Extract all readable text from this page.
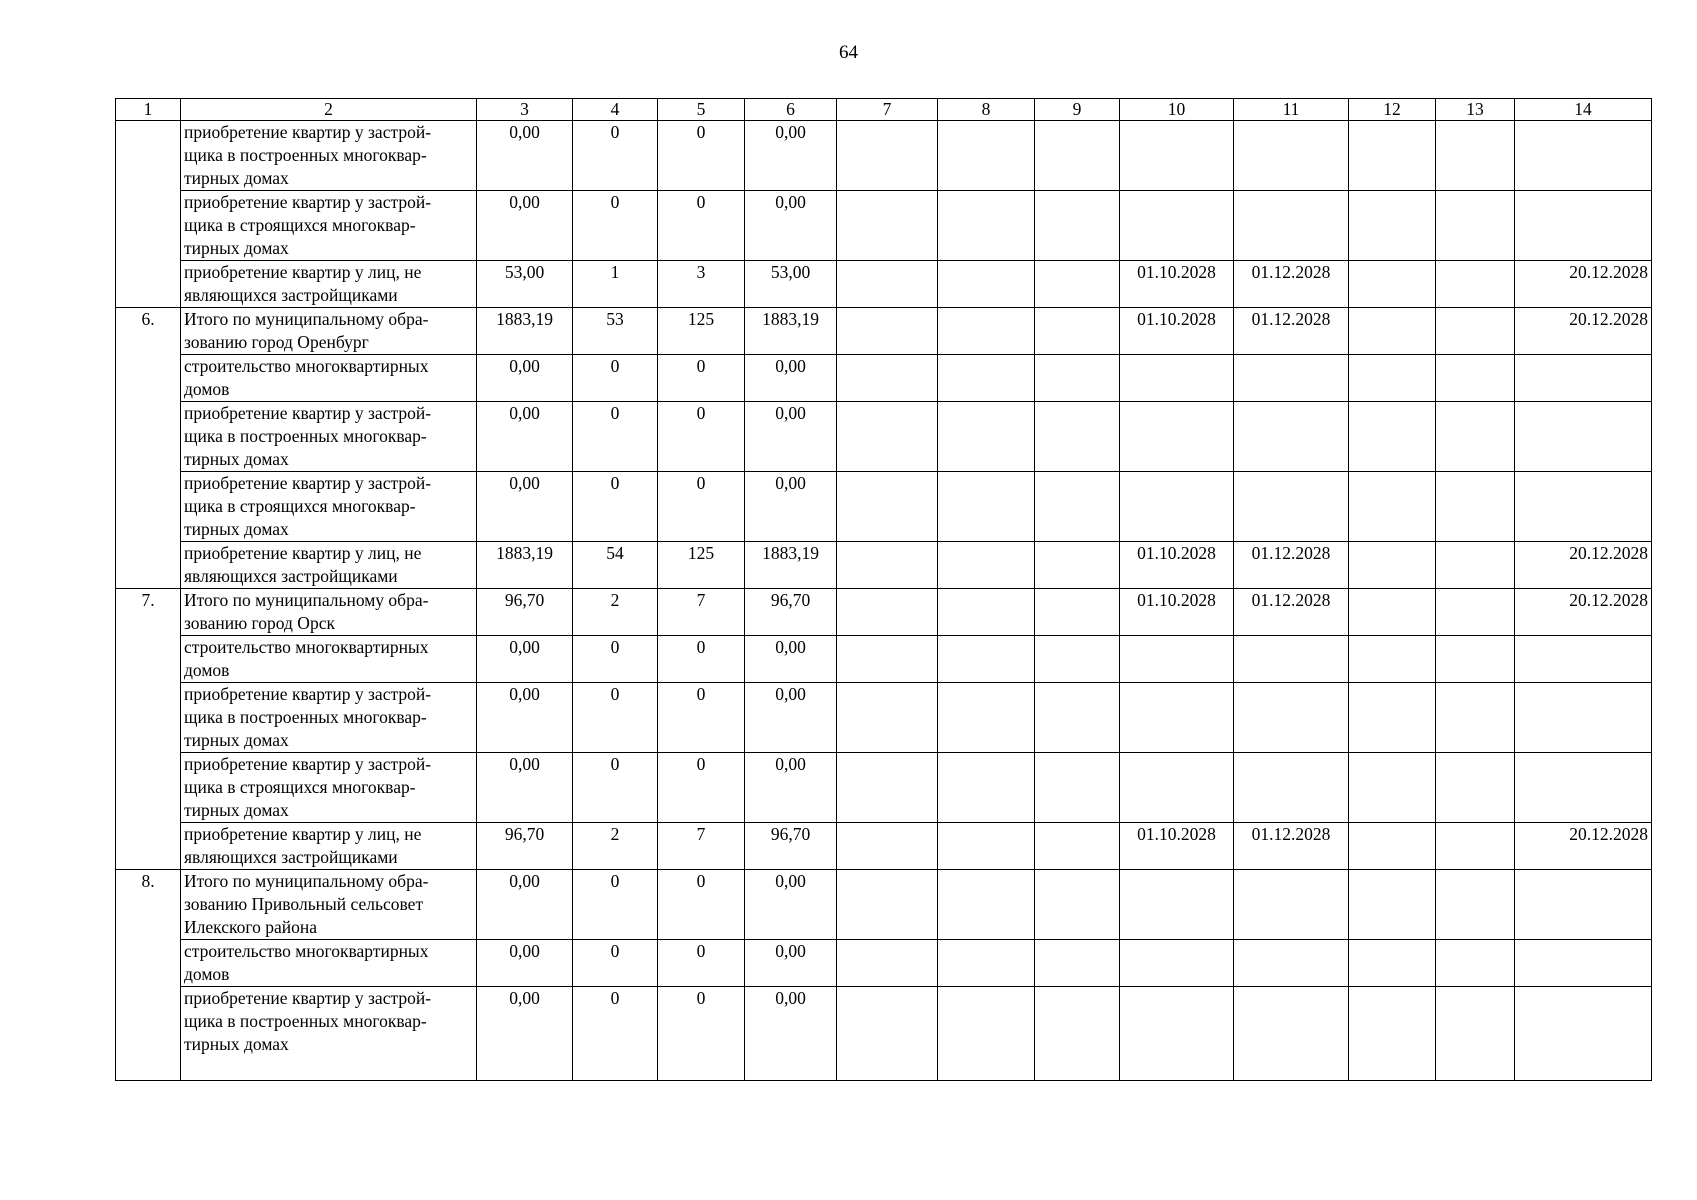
64
1	2	3	4	5	6	7	8	9	10	11	12	13	14

	приобретение квартир у застрой-
щика в построенных многоквар-
тирных домах	0,00	0	0	0,00								

	приобретение квартир у застрой-
щика в строящихся многоквар-
тирных домах	0,00	0	0	0,00								

	приобретение квартир у лиц, не
являющихся застройщиками	53,00	1	3	53,00				01.10.2028	01.12.2028			20.12.2028
6.	Итого по муниципальному обра-
зованию город Оренбург	1883,19	53	125	1883,19				01.10.2028	01.12.2028			20.12.2028

	строительство многоквартирных
домов	0,00	0	0	0,00								

	приобретение квартир у застрой-
щика в построенных многоквар-
тирных домах	0,00	0	0	0,00								

	приобретение квартир у застрой-
щика в строящихся многоквар-
тирных домах	0,00	0	0	0,00								

	приобретение квартир у лиц, не
являющихся застройщиками	1883,19	54	125	1883,19				01.10.2028	01.12.2028			20.12.2028
7.	Итого по муниципальному обра-
зованию город Орск	96,70	2	7	96,70				01.10.2028	01.12.2028			20.12.2028

	строительство многоквартирных
домов	0,00	0	0	0,00								

	приобретение квартир у застрой-
щика в построенных многоквар-
тирных домах	0,00	0	0	0,00								

	приобретение квартир у застрой-
щика в строящихся многоквар-
тирных домах	0,00	0	0	0,00								

	приобретение квартир у лиц, не
являющихся застройщиками	96,70	2	7	96,70				01.10.2028	01.12.2028			20.12.2028
8.	Итого по муниципальному обра-
зованию Привольный сельсовет
Илекского района	0,00	0	0	0,00								

	строительство многоквартирных
домов	0,00	0	0	0,00								

	приобретение квартир у застрой-
щика в построенных многоквар-
тирных домах	0,00	0	0	0,00								
